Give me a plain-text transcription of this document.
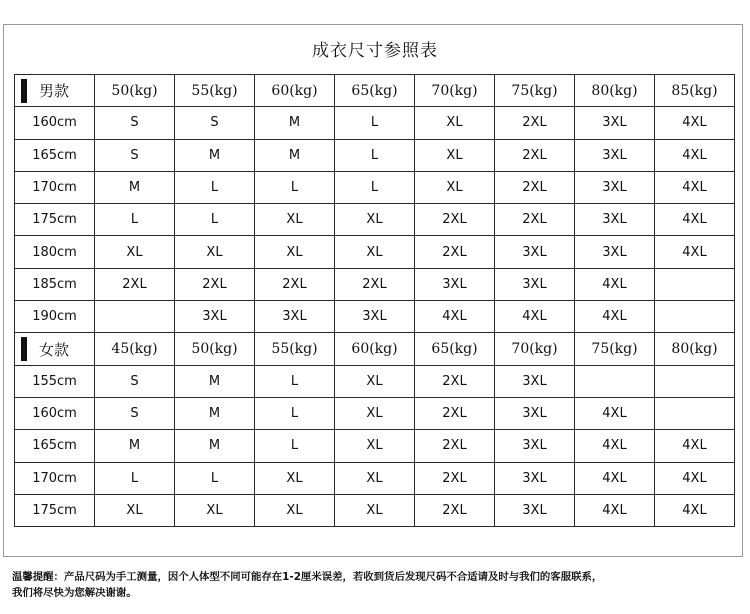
成衣尺寸参照表
男款	50(kg)	55(kg)	60(kg)	65(kg)	70(kg)	75(kg)	80(kg)	85(kg)
160cm	S	S	M	L	XL	2XL	3XL	4XL
165cm	S	M	M	L	XL	2XL	3XL	4XL
170cm	M	L	L	L	XL	2XL	3XL	4XL
175cm	L	L	XL	XL	2XL	2XL	3XL	4XL
180cm	XL	XL	XL	XL	2XL	3XL	3XL	4XL
185cm	2XL	2XL	2XL	2XL	3XL	3XL	4XL	
190cm		3XL	3XL	3XL	4XL	4XL	4XL	

女款	45(kg)	50(kg)	55(kg)	60(kg)	65(kg)	70(kg)	75(kg)	80(kg)
155cm	S	M	L	XL	2XL	3XL		
160cm	S	M	L	XL	2XL	3XL	4XL	
165cm	M	M	L	XL	2XL	3XL	4XL	4XL
170cm	L	L	XL	XL	2XL	3XL	4XL	4XL
175cm	XL	XL	XL	XL	2XL	3XL	4XL	4XL
温馨提醒：产品尺码为手工测量，因个人体型不同可能存在1-2厘米误差，若收到货后发现尺码不合适请及时与我们的客服联系，
我们将尽快为您解决谢谢。
